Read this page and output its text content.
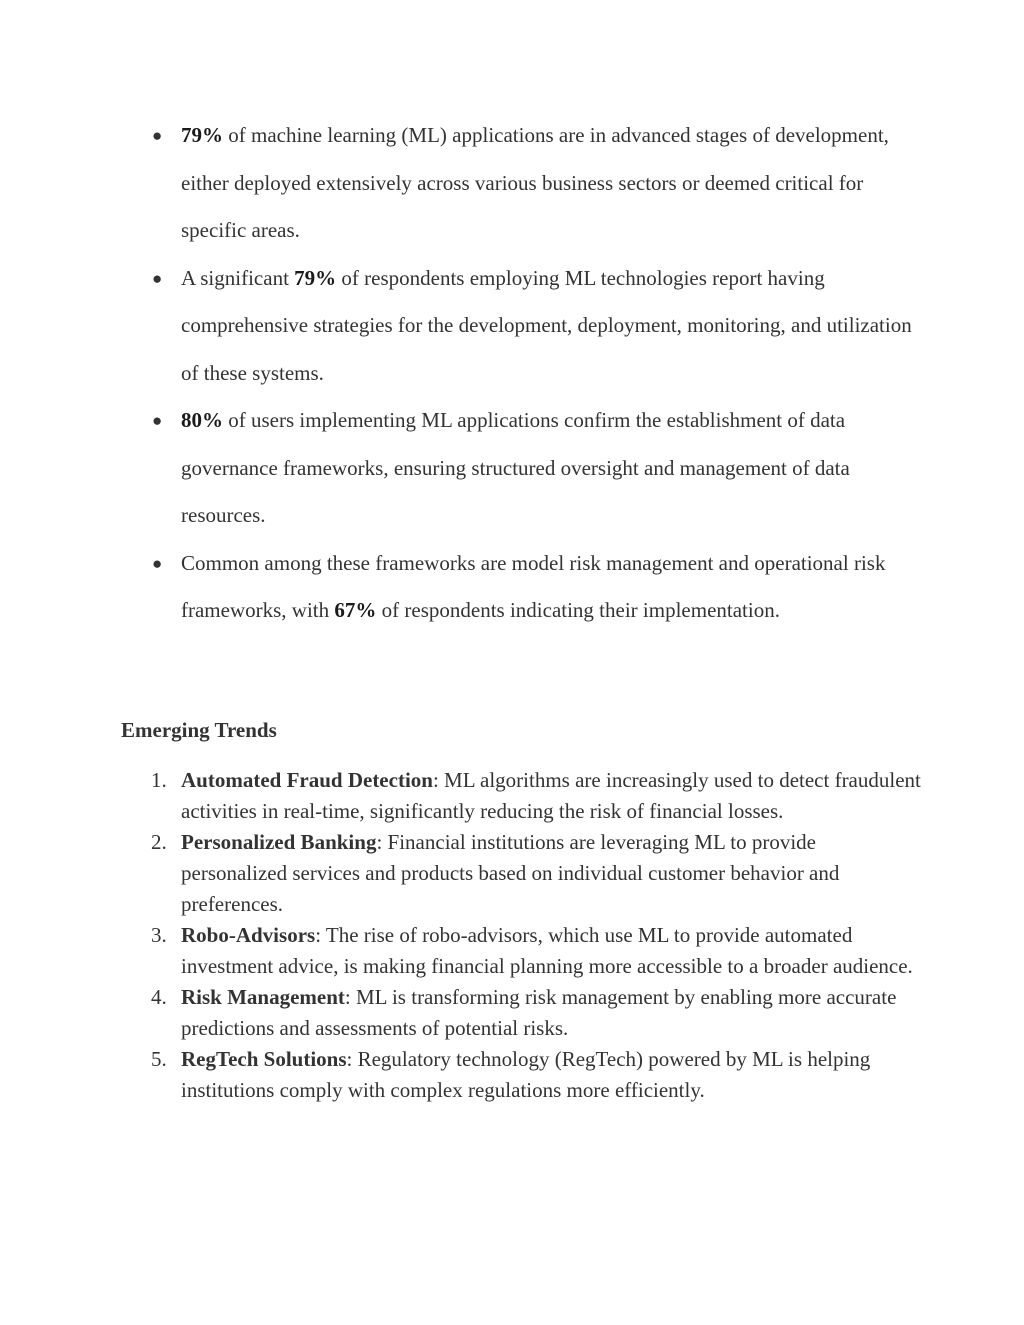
● 79% of machine learning (ML) applications are in advanced stages of development, either deployed extensively across various business sectors or deemed critical for specific areas.
● A significant 79% of respondents employing ML technologies report having comprehensive strategies for the development, deployment, monitoring, and utilization of these systems.
● 80% of users implementing ML applications confirm the establishment of data governance frameworks, ensuring structured oversight and management of data resources.
● Common among these frameworks are model risk management and operational risk frameworks, with 67% of respondents indicating their implementation.
Emerging Trends
1. Automated Fraud Detection: ML algorithms are increasingly used to detect fraudulent activities in real-time, significantly reducing the risk of financial losses.
2. Personalized Banking: Financial institutions are leveraging ML to provide personalized services and products based on individual customer behavior and preferences.
3. Robo-Advisors: The rise of robo-advisors, which use ML to provide automated investment advice, is making financial planning more accessible to a broader audience.
4. Risk Management: ML is transforming risk management by enabling more accurate predictions and assessments of potential risks.
5. RegTech Solutions: Regulatory technology (RegTech) powered by ML is helping institutions comply with complex regulations more efficiently.
